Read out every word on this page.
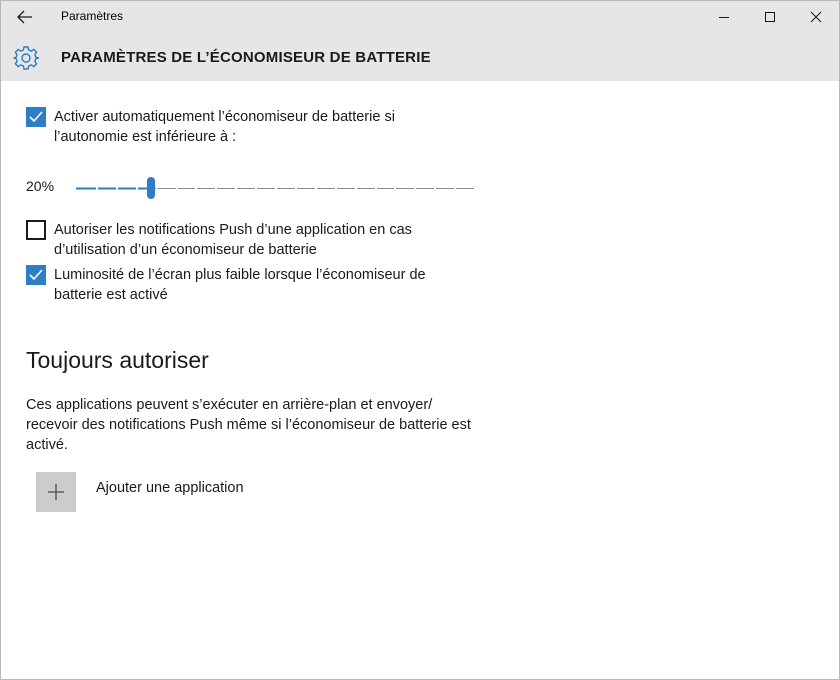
Paramètres
PARAMÈTRES DE L’ÉCONOMISEUR DE BATTERIE
Activer automatiquement l’économiseur de batterie si l’autonomie est inférieure à :
20%
Autoriser les notifications Push d’une application en cas d’utilisation d’un économiseur de batterie
Luminosité de l’écran plus faible lorsque l’économiseur de batterie est activé
Toujours autoriser
Ces applications peuvent s’exécuter en arrière-plan et envoyer/ recevoir des notifications Push même si l’économiseur de batterie est activé.
Ajouter une application
